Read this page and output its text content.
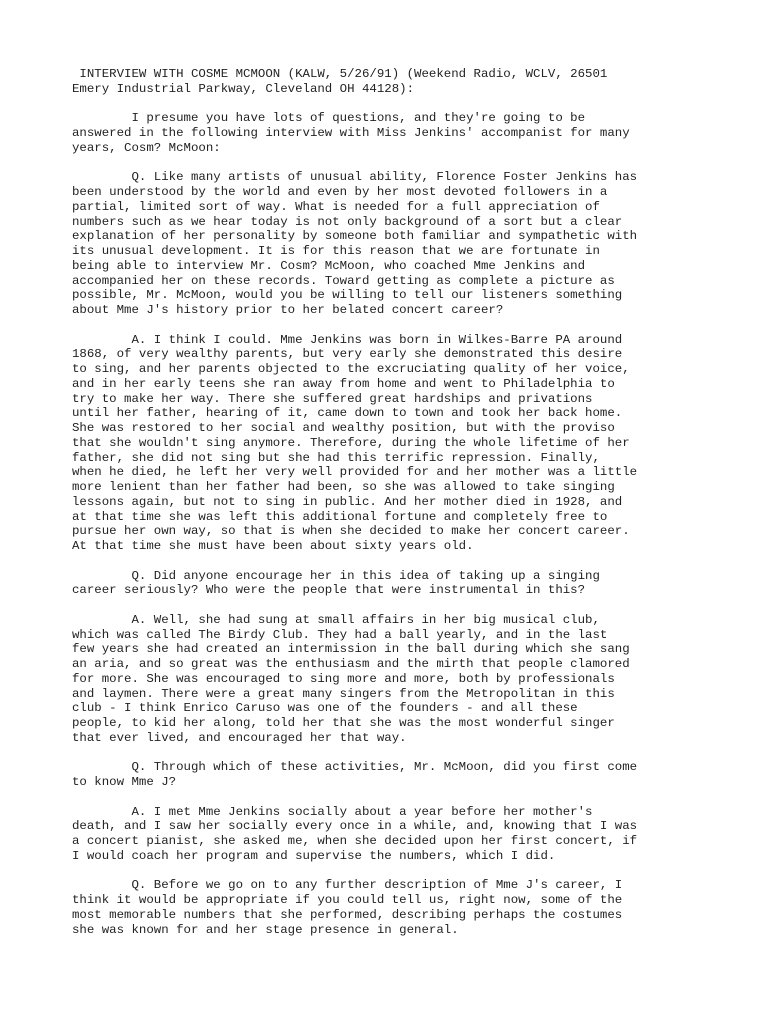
INTERVIEW WITH COSME MCMOON (KALW, 5/26/91) (Weekend Radio, WCLV, 26501
Emery Industrial Parkway, Cleveland OH 44128):
I presume you have lots of questions, and they're going to be
answered in the following interview with Miss Jenkins' accompanist for many
years, Cosm? McMoon:
Q. Like many artists of unusual ability, Florence Foster Jenkins has
been understood by the world and even by her most devoted followers in a
partial, limited sort of way. What is needed for a full appreciation of
numbers such as we hear today is not only background of a sort but a clear
explanation of her personality by someone both familiar and sympathetic with
its unusual development. It is for this reason that we are fortunate in
being able to interview Mr. Cosm? McMoon, who coached Mme Jenkins and
accompanied her on these records. Toward getting as complete a picture as
possible, Mr. McMoon, would you be willing to tell our listeners something
about Mme J's history prior to her belated concert career?
A. I think I could. Mme Jenkins was born in Wilkes-Barre PA around
1868, of very wealthy parents, but very early she demonstrated this desire
to sing, and her parents objected to the excruciating quality of her voice,
and in her early teens she ran away from home and went to Philadelphia to
try to make her way. There she suffered great hardships and privations
until her father, hearing of it, came down to town and took her back home.
She was restored to her social and wealthy position, but with the proviso
that she wouldn't sing anymore. Therefore, during the whole lifetime of her
father, she did not sing but she had this terrific repression. Finally,
when he died, he left her very well provided for and her mother was a little
more lenient than her father had been, so she was allowed to take singing
lessons again, but not to sing in public. And her mother died in 1928, and
at that time she was left this additional fortune and completely free to
pursue her own way, so that is when she decided to make her concert career.
At that time she must have been about sixty years old.
Q. Did anyone encourage her in this idea of taking up a singing
career seriously? Who were the people that were instrumental in this?
A. Well, she had sung at small affairs in her big musical club,
which was called The Birdy Club. They had a ball yearly, and in the last
few years she had created an intermission in the ball during which she sang
an aria, and so great was the enthusiasm and the mirth that people clamored
for more. She was encouraged to sing more and more, both by professionals
and laymen. There were a great many singers from the Metropolitan in this
club - I think Enrico Caruso was one of the founders - and all these
people, to kid her along, told her that she was the most wonderful singer
that ever lived, and encouraged her that way.
Q. Through which of these activities, Mr. McMoon, did you first come
to know Mme J?
A. I met Mme Jenkins socially about a year before her mother's
death, and I saw her socially every once in a while, and, knowing that I was
a concert pianist, she asked me, when she decided upon her first concert, if
I would coach her program and supervise the numbers, which I did.
Q. Before we go on to any further description of Mme J's career, I
think it would be appropriate if you could tell us, right now, some of the
most memorable numbers that she performed, describing perhaps the costumes
she was known for and her stage presence in general.
